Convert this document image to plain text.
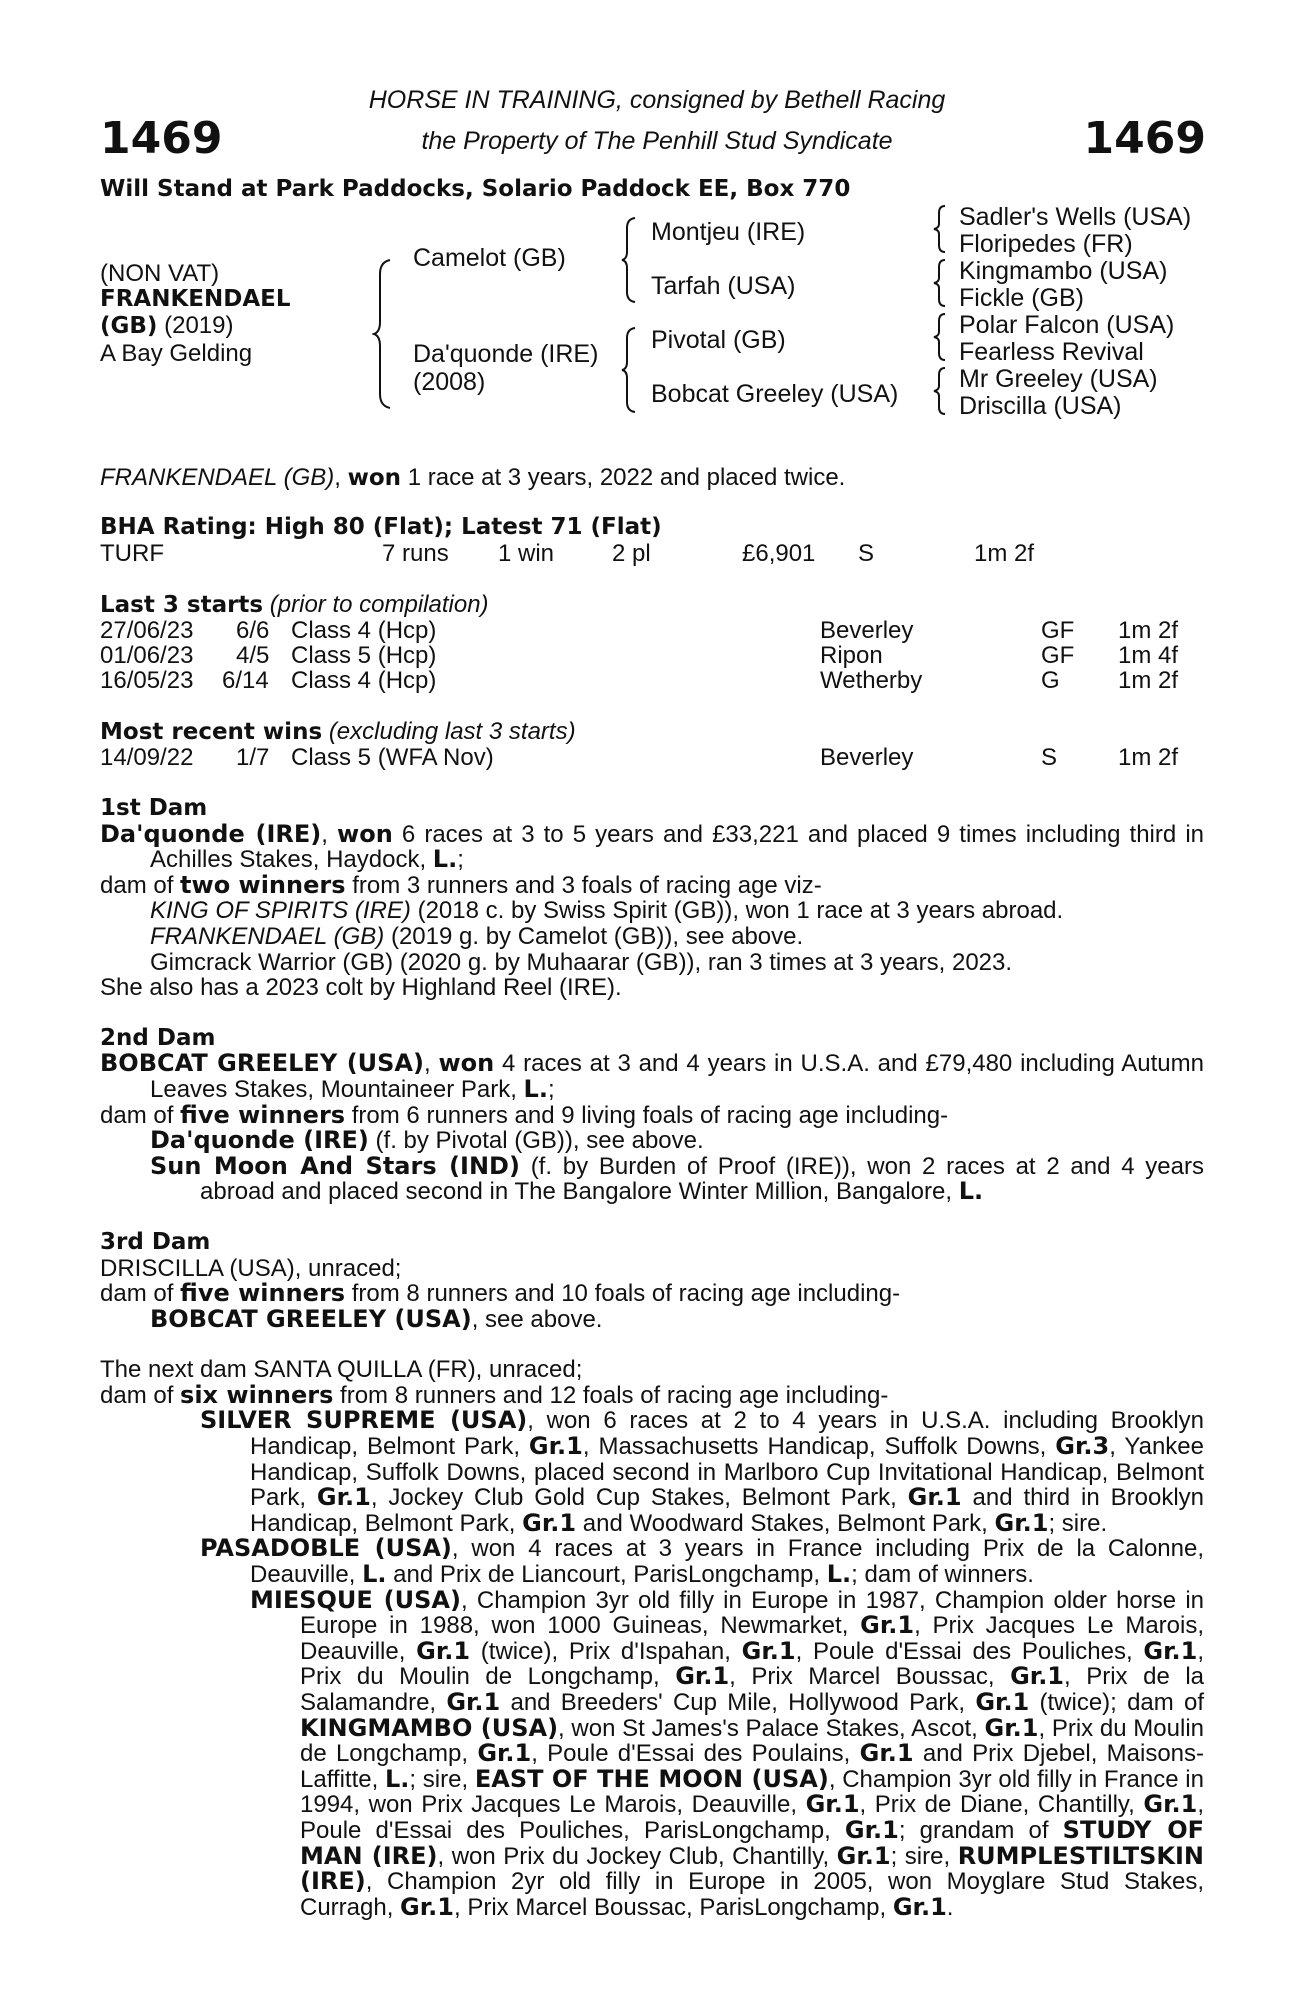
1469	1469
HORSE IN TRAINING, consigned by Bethell Racing
the Property of The Penhill Stud Syndicate
Will Stand at Park Paddocks, Solario Paddock EE, Box 770
(NON VAT)
FRANKENDAEL
(GB) (2019)
A Bay Gelding
Camelot (GB)
Da'quonde (IRE)
(2008)
Montjeu (IRE)
Tarfah (USA)
Pivotal (GB)
Bobcat Greeley (USA)
Sadler's Wells (USA)
Floripedes (FR)
Kingmambo (USA)
Fickle (GB)
Polar Falcon (USA)
Fearless Revival
Mr Greeley (USA)
Driscilla (USA)
FRANKENDAEL (GB), won 1 race at 3 years, 2022 and placed twice.
BHA Rating: High 80 (Flat); Latest 71 (Flat)
TURF	7 runs 1 win 2 pl	£6,901 S	1m 2f
Last 3 starts (prior to compilation)
27/06/23 6/6 Class 4 (Hcp)	Beverley	GF 1m 2f
01/06/23 4/5 Class 5 (Hcp)	Ripon	GF 1m 4f
16/05/23 6/14 Class 4 (Hcp)	Wetherby	G 1m 2f
Most recent wins (excluding last 3 starts)
14/09/22 1/7 Class 5 (WFA Nov)	Beverley	S	1m 2f

1st Dam

Da'quonde (IRE), won 6 races at 3 to 5 years and £33,221 and placed 9 times including third in Achilles Stakes, Haydock, L.;

dam of two winners from 3 runners and 3 foals of racing age viz-

KING OF SPIRITS (IRE) (2018 c. by Swiss Spirit (GB)), won 1 race at 3 years abroad.

FRANKENDAEL (GB) (2019 g. by Camelot (GB)), see above.

Gimcrack Warrior (GB) (2020 g. by Muhaarar (GB)), ran 3 times at 3 years, 2023.

She also has a 2023 colt by Highland Reel (IRE).

2nd Dam

BOBCAT GREELEY (USA), won 4 races at 3 and 4 years in U.S.A. and £79,480 including Autumn Leaves Stakes, Mountaineer Park, L.;

dam of five winners from 6 runners and 9 living foals of racing age including-

Da'quonde (IRE) (f. by Pivotal (GB)), see above.

Sun Moon And Stars (IND) (f. by Burden of Proof (IRE)), won 2 races at 2 and 4 years abroad and placed second in The Bangalore Winter Million, Bangalore, L.

3rd Dam

DRISCILLA (USA), unraced;

dam of five winners from 8 runners and 10 foals of racing age including-

BOBCAT GREELEY (USA), see above.

The next dam SANTA QUILLA (FR), unraced;

dam of six winners from 8 runners and 12 foals of racing age including-

SILVER SUPREME (USA), won 6 races at 2 to 4 years in U.S.A. including Brooklyn Handicap, Belmont Park, Gr.1, Massachusetts Handicap, Suffolk Downs, Gr.3, Yankee Handicap, Suffolk Downs, placed second in Marlboro Cup Invitational Handicap, Belmont Park, Gr.1, Jockey Club Gold Cup Stakes, Belmont Park, Gr.1 and third in Brooklyn Handicap, Belmont Park, Gr.1 and Woodward Stakes, Belmont Park, Gr.1; sire.

PASADOBLE (USA), won 4 races at 3 years in France including Prix de la Calonne, Deauville, L. and Prix de Liancourt, ParisLongchamp, L.; dam of winners.

MIESQUE (USA), Champion 3yr old filly in Europe in 1987, Champion older horse in Europe in 1988, won 1000 Guineas, Newmarket, Gr.1, Prix Jacques Le Marois, Deauville, Gr.1 (twice), Prix d'Ispahan, Gr.1, Poule d'Essai des Pouliches, Gr.1, Prix du Moulin de Longchamp, Gr.1, Prix Marcel Boussac, Gr.1, Prix de la Salamandre, Gr.1 and Breeders' Cup Mile, Hollywood Park, Gr.1 (twice); dam of KINGMAMBO (USA), won St James's Palace Stakes, Ascot, Gr.1, Prix du Moulin de Longchamp, Gr.1, Poule d'Essai des Poulains, Gr.1 and Prix Djebel, Maisons-Laffitte, L.; sire, EAST OF THE MOON (USA), Champion 3yr old filly in France in 1994, won Prix Jacques Le Marois, Deauville, Gr.1, Prix de Diane, Chantilly, Gr.1, Poule d'Essai des Pouliches, ParisLongchamp, Gr.1; grandam of STUDY OF MAN (IRE), won Prix du Jockey Club, Chantilly, Gr.1; sire, RUMPLESTILTSKIN (IRE), Champion 2yr old filly in Europe in 2005, won Moyglare Stud Stakes, Curragh, Gr.1, Prix Marcel Boussac, ParisLongchamp, Gr.1.
